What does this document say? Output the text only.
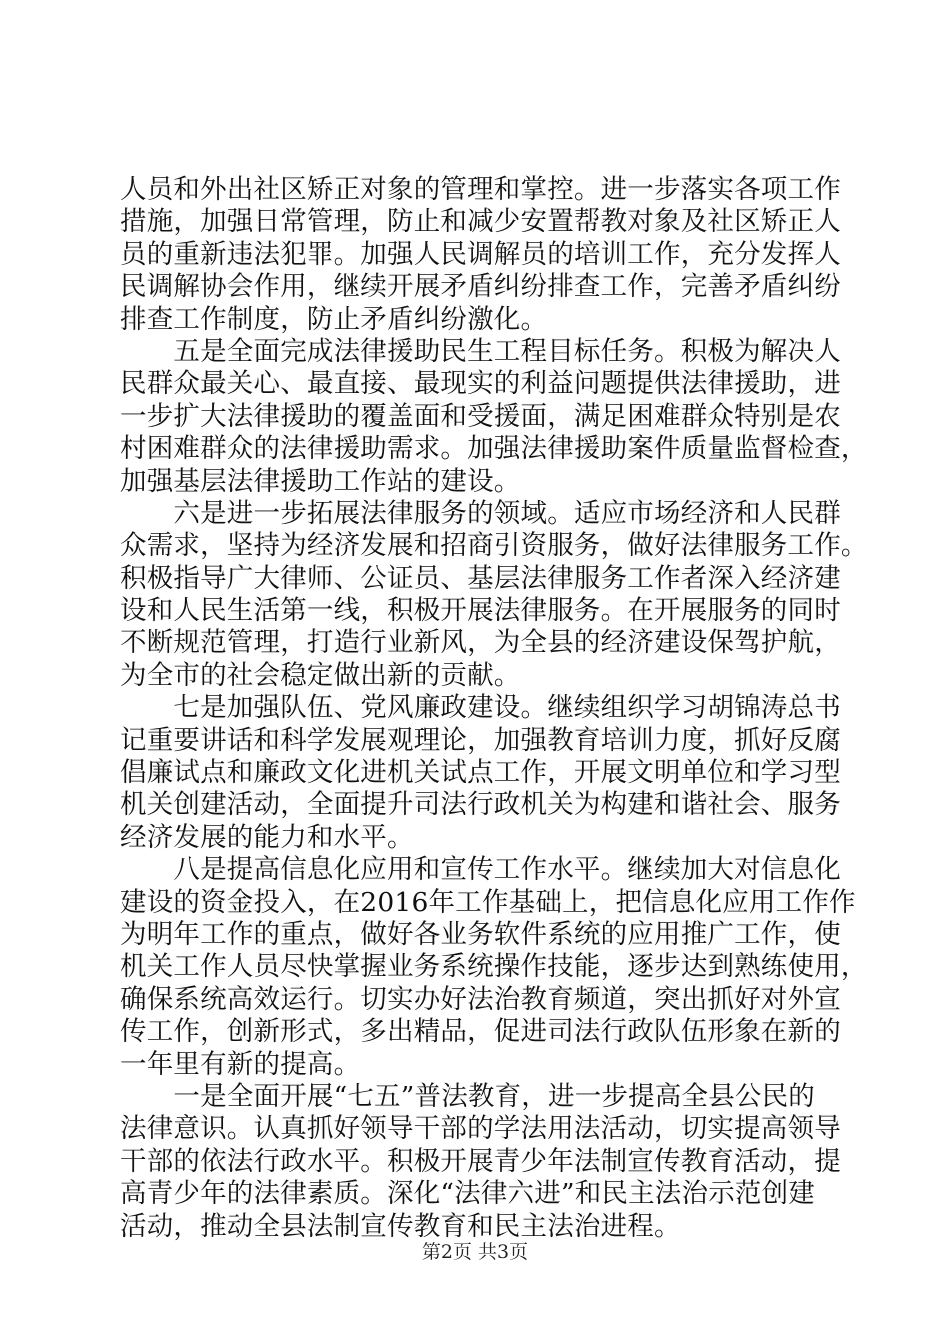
人员和外出社区矫正对象的管理和掌控。进一步落实各项工作
措施，加强日常管理，防止和减少安置帮教对象及社区矫正人
员的重新违法犯罪。加强人民调解员的培训工作，充分发挥人
民调解协会作用，继续开展矛盾纠纷排查工作，完善矛盾纠纷
排查工作制度，防止矛盾纠纷激化。
　　五是全面完成法律援助民生工程目标任务。积极为解决人
民群众最关心、最直接、最现实的利益问题提供法律援助，进
一步扩大法律援助的覆盖面和受援面，满足困难群众特别是农
村困难群众的法律援助需求。加强法律援助案件质量监督检查，
加强基层法律援助工作站的建设。
　　六是进一步拓展法律服务的领域。适应市场经济和人民群
众需求，坚持为经济发展和招商引资服务，做好法律服务工作。
积极指导广大律师、公证员、基层法律服务工作者深入经济建
设和人民生活第一线，积极开展法律服务。在开展服务的同时
不断规范管理，打造行业新风，为全县的经济建设保驾护航，
为全市的社会稳定做出新的贡献。
　　七是加强队伍、党风廉政建设。继续组织学习胡锦涛总书
记重要讲话和科学发展观理论，加强教育培训力度，抓好反腐
倡廉试点和廉政文化进机关试点工作，开展文明单位和学习型
机关创建活动，全面提升司法行政机关为构建和谐社会、服务
经济发展的能力和水平。
　　八是提高信息化应用和宣传工作水平。继续加大对信息化
建设的资金投入，在2016年工作基础上，把信息化应用工作作
为明年工作的重点，做好各业务软件系统的应用推广工作，使
机关工作人员尽快掌握业务系统操作技能，逐步达到熟练使用，
确保系统高效运行。切实办好法治教育频道，突出抓好对外宣
传工作，创新形式，多出精品，促进司法行政队伍形象在新的
一年里有新的提高。
　　一是全面开展“七五”普法教育，进一步提高全县公民的
法律意识。认真抓好领导干部的学法用法活动，切实提高领导
干部的依法行政水平。积极开展青少年法制宣传教育活动，提
高青少年的法律素质。深化“法律六进”和民主法治示范创建
活动，推动全县法制宣传教育和民主法治进程。
第2页 共3页
